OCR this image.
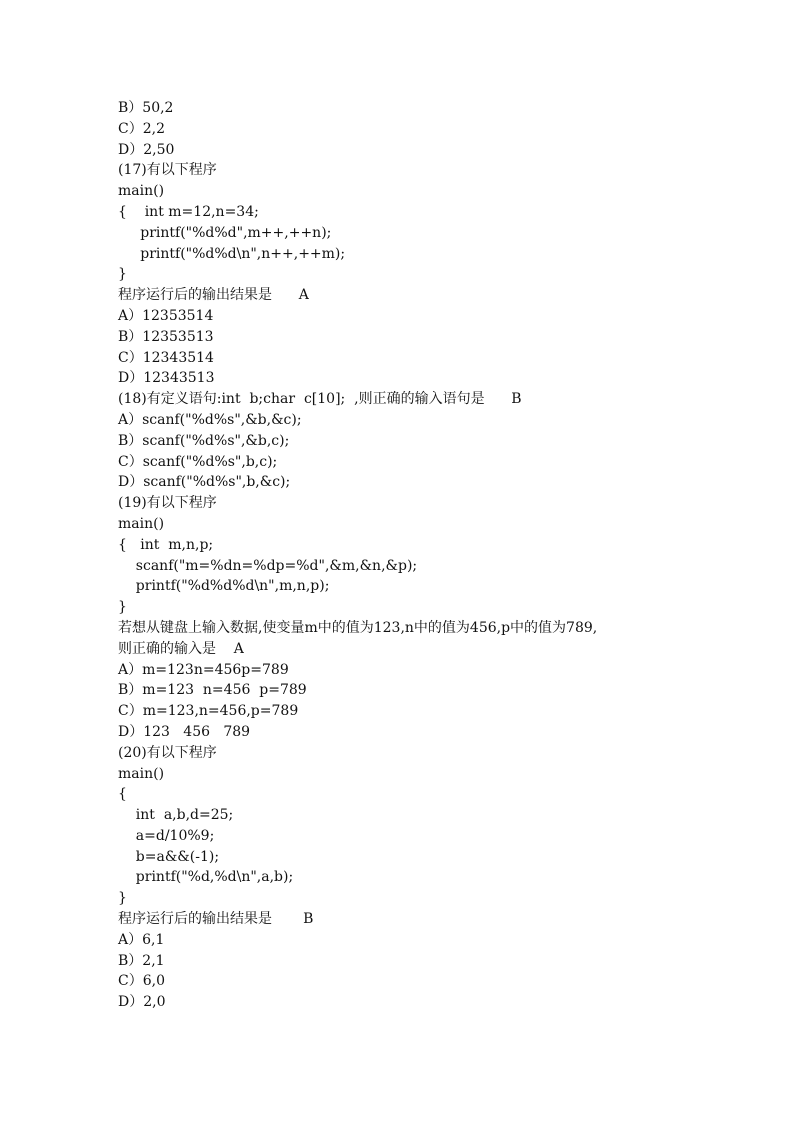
B）50,2
C）2,2
D）2,50
(17)有以下程序
main()
{    int m=12,n=34;
printf("%d%d",m++,++n);
printf("%d%d\n",n++,++m);
}
程序运行后的输出结果是      A
A）12353514
B）12353513
C）12343514
D）12343513
(18)有定义语句:int  b;char  c[10];  ,则正确的输入语句是      B
A）scanf("%d%s",&b,&c);
B）scanf("%d%s",&b,c);
C）scanf("%d%s",b,c);
D）scanf("%d%s",b,&c);
(19)有以下程序
main()
{   int  m,n,p;
scanf("m=%dn=%dp=%d",&m,&n,&p);
printf("%d%d%d\n",m,n,p);
}
若想从键盘上输入数据,使变量m中的值为123,n中的值为456,p中的值为789,
则正确的输入是    A
A）m=123n=456p=789
B）m=123  n=456  p=789
C）m=123,n=456,p=789
D）123   456   789
(20)有以下程序
main()
{
int  a,b,d=25;
a=d/10%9;
b=a&&(-1);
printf("%d,%d\n",a,b);
}
程序运行后的输出结果是       B
A）6,1
B）2,1
C）6,0
D）2,0
